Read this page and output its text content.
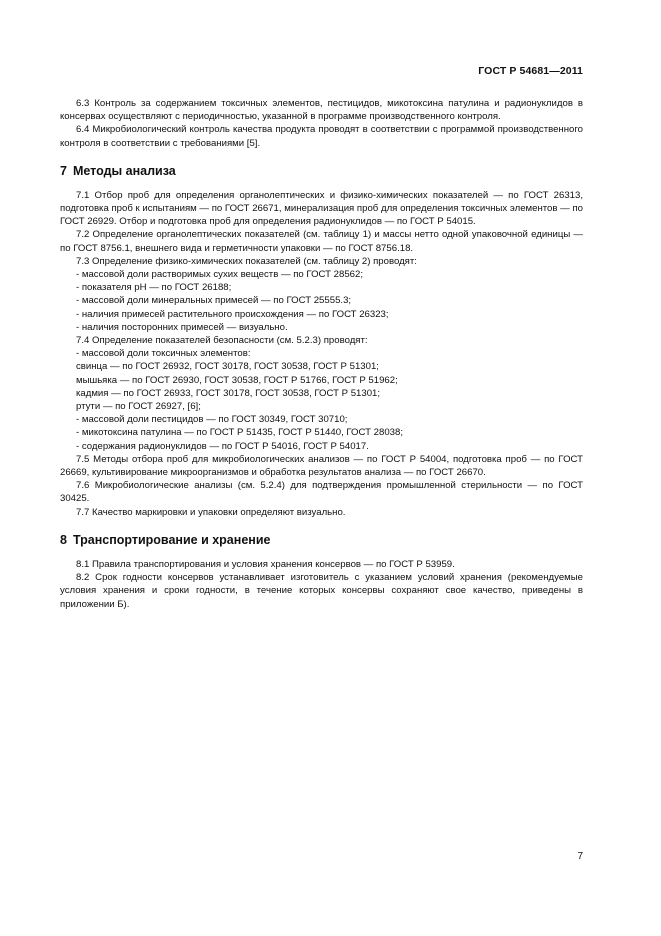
ГОСТ Р 54681—2011

6.3 Контроль за содержанием токсичных элементов, пестицидов, микотоксина патулина и радионуклидов в консервах осуществляют с периодичностью, указанной в программе производственного контроля.

6.4 Микробиологический контроль качества продукта проводят в соответствии с программой производственного контроля в соответствии с требованиями [5].

7 Методы анализа

7.1 Отбор проб для определения органолептических и физико-химических показателей — по ГОСТ 26313, подготовка проб к испытаниям — по ГОСТ 26671, минерализация проб для определения токсичных элементов — по ГОСТ 26929. Отбор и подготовка проб для определения радионуклидов — по ГОСТ Р 54015.

7.2 Определение органолептических показателей (см. таблицу 1) и массы нетто одной упаковочной единицы — по ГОСТ 8756.1, внешнего вида и герметичности упаковки — по ГОСТ 8756.18.

7.3 Определение физико-химических показателей (см. таблицу 2) проводят:

- массовой доли растворимых сухих веществ — по ГОСТ 28562;

- показателя рН — по ГОСТ 26188;

- массовой доли минеральных примесей — по ГОСТ 25555.3;

- наличия примесей растительного происхождения — по ГОСТ 26323;

- наличия посторонних примесей — визуально.

7.4 Определение показателей безопасности (см. 5.2.3) проводят:

- массовой доли токсичных элементов:

свинца — по ГОСТ 26932, ГОСТ 30178, ГОСТ 30538, ГОСТ Р 51301;

мышьяка — по ГОСТ 26930, ГОСТ 30538, ГОСТ Р 51766, ГОСТ Р 51962;

кадмия — по ГОСТ 26933, ГОСТ 30178, ГОСТ 30538, ГОСТ Р 51301;

ртути — по ГОСТ 26927, [6];

- массовой доли пестицидов — по ГОСТ 30349, ГОСТ 30710;

- микотоксина патулина — по ГОСТ Р 51435, ГОСТ Р 51440, ГОСТ 28038;

- содержания радионуклидов — по ГОСТ Р 54016, ГОСТ Р 54017.

7.5 Методы отбора проб для микробиологических анализов — по ГОСТ Р 54004, подготовка проб — по ГОСТ 26669, культивирование микроорганизмов и обработка результатов анализа — по ГОСТ 26670.

7.6 Микробиологические анализы (см. 5.2.4) для подтверждения промышленной стерильности — по ГОСТ 30425.

7.7 Качество маркировки и упаковки определяют визуально.

8 Транспортирование и хранение

8.1 Правила транспортирования и условия хранения консервов — по ГОСТ Р 53959.

8.2 Срок годности консервов устанавливает изготовитель с указанием условий хранения (рекомендуемые условия хранения и сроки годности, в течение которых консервы сохраняют свое качество, приведены в приложении Б).

7
